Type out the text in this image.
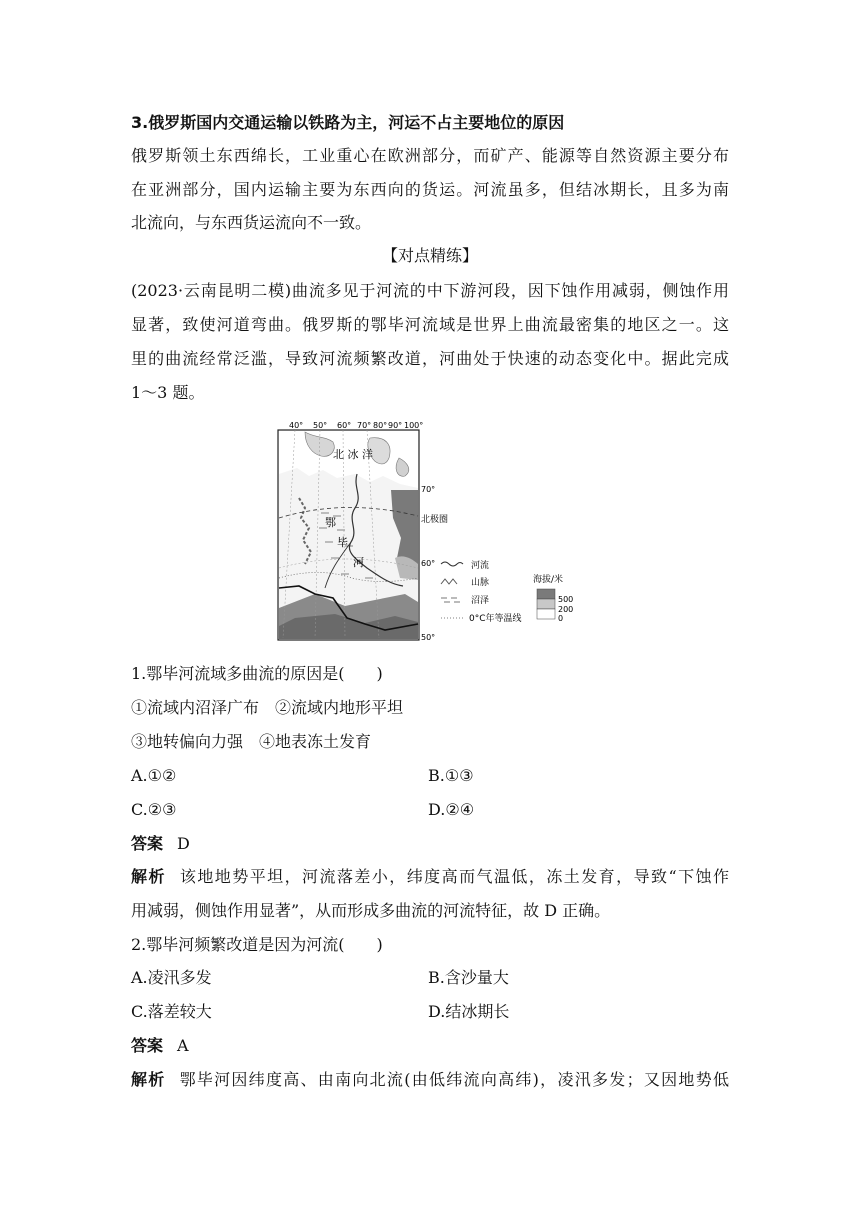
3.俄罗斯国内交通运输以铁路为主，河运不占主要地位的原因
俄罗斯领土东西绵长，工业重心在欧洲部分，而矿产、能源等自然资源主要分布
在亚洲部分，国内运输主要为东西向的货运。河流虽多，但结冰期长，且多为南
北流向，与东西货运流向不一致。
【对点精练】
(2023·云南昆明二模)曲流多见于河流的中下游河段，因下蚀作用减弱，侧蚀作用
显著，致使河道弯曲。俄罗斯的鄂毕河流域是世界上曲流最密集的地区之一。这
里的曲流经常泛滥，导致河流频繁改道，河曲处于快速的动态变化中。据此完成
1～3 题。
40° 50° 60° 70° 80° 90° 100°
北 冰 洋
鄂
毕
河
70°
60°
50°
北极圈
河流
山脉
沼泽
0°C年等温线
海拔/米
500
200
0
1.鄂毕河流域多曲流的原因是(　　)
①流域内沼泽广布　②流域内地形平坦
③地转偏向力强　④地表冻土发育
A.①②	B.①③
C.②③	D.②④
答案 D
解析 该地地势平坦，河流落差小，纬度高而气温低，冻土发育，导致“下蚀作
用减弱，侧蚀作用显著”，从而形成多曲流的河流特征，故 D 正确。
2.鄂毕河频繁改道是因为河流(　　)
A.凌汛多发	B.含沙量大
C.落差较大	D.结冰期长
答案 A
解析 鄂毕河因纬度高、由南向北流(由低纬流向高纬)，凌汛多发；又因地势低
